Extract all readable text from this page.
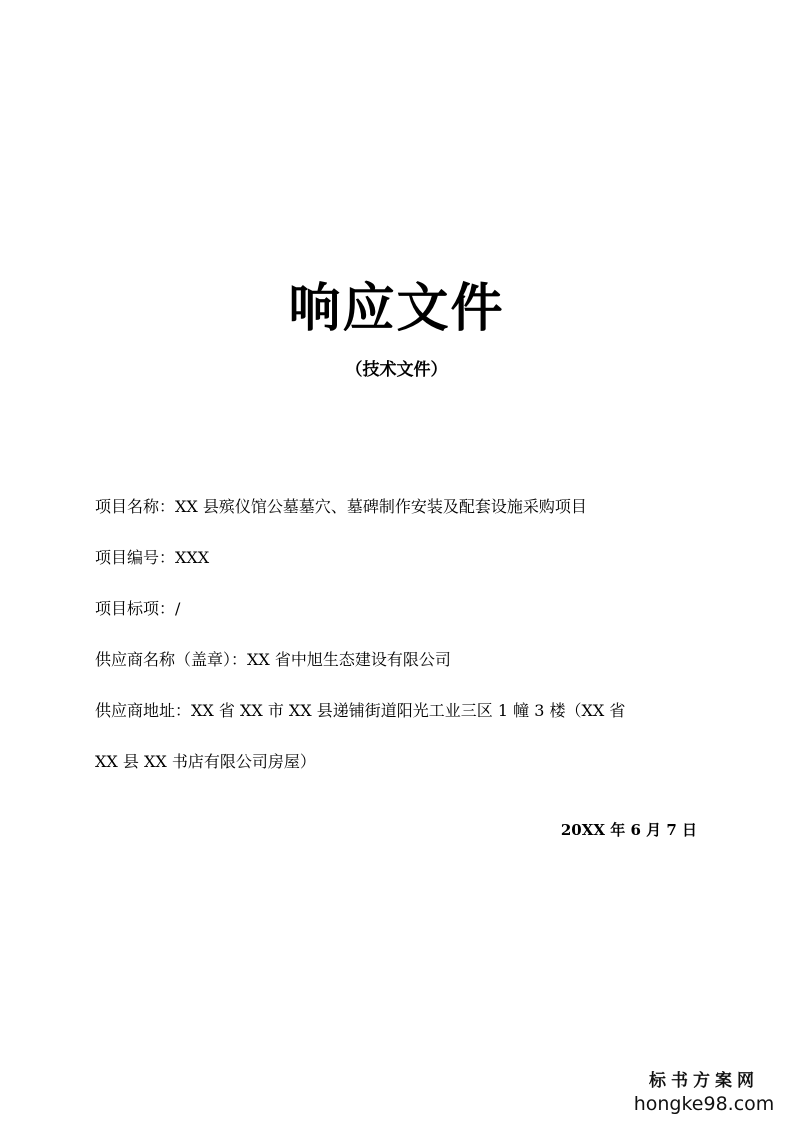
响应文件
（技术文件）
项目名称：XX 县殡仪馆公墓墓穴、墓碑制作安装及配套设施采购项目
项目编号：XXX
项目标项：/
供应商名称（盖章）：XX 省中旭生态建设有限公司
供应商地址：XX 省 XX 市 XX 县递铺街道阳光工业三区 1 幢 3 楼（XX 省
XX 县 XX 书店有限公司房屋）
20XX 年 6 月 7 日
标书方案网
hongke98.com
